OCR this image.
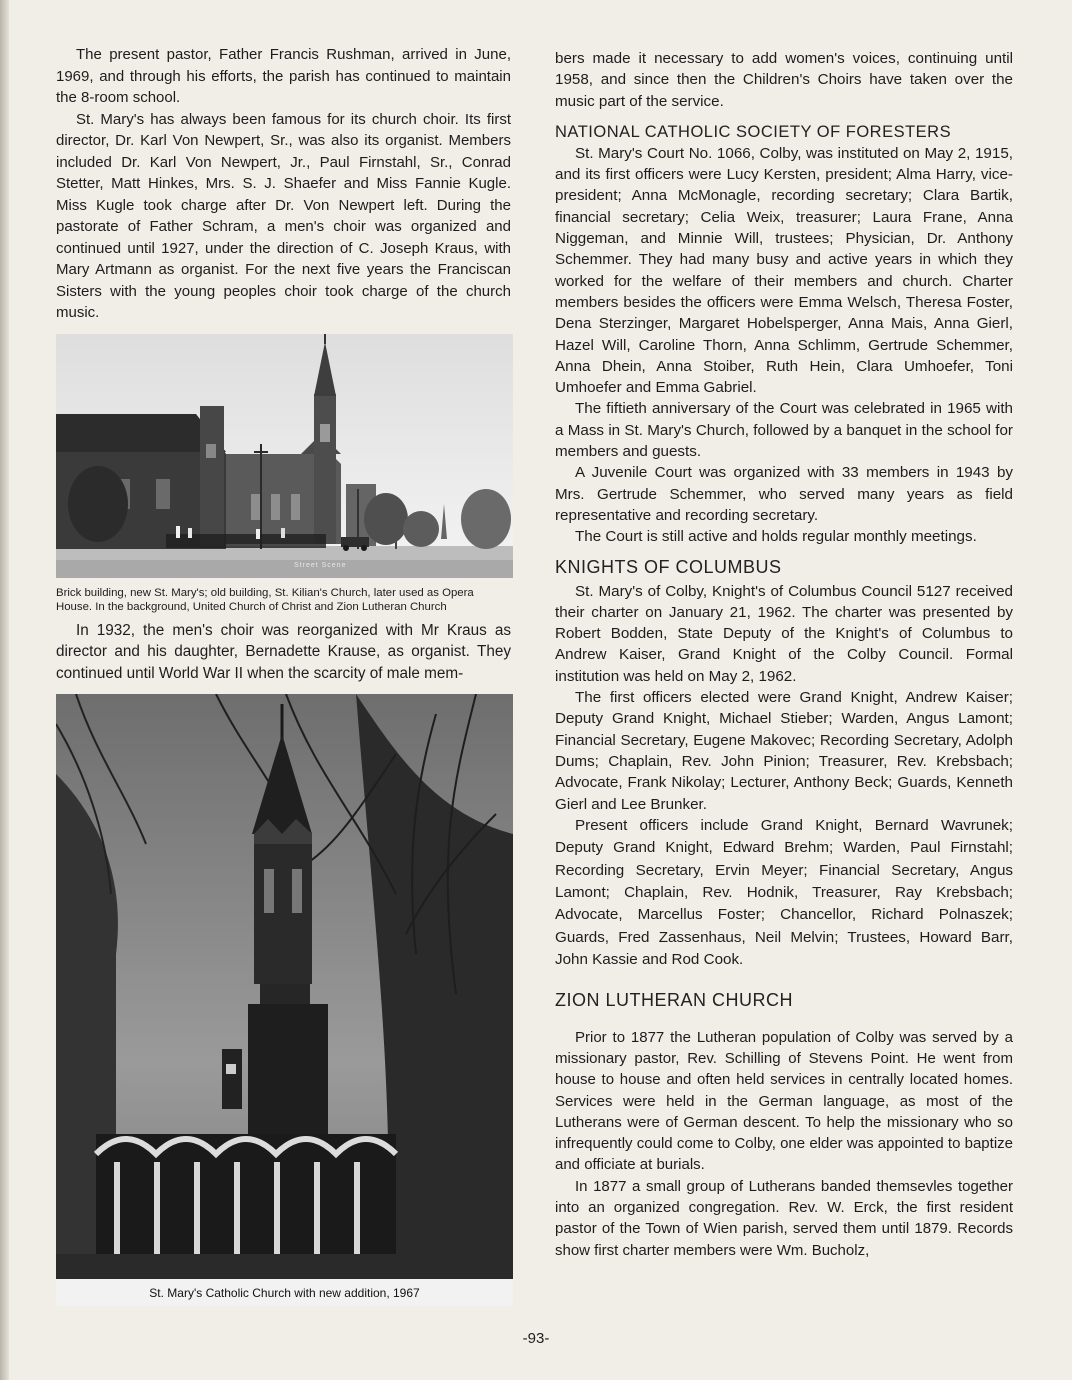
The present pastor, Father Francis Rushman, arrived in June, 1969, and through his efforts, the parish has continued to maintain the 8-room school.

St. Mary's has always been famous for its church choir. Its first director, Dr. Karl Von Newpert, Sr., was also its organist. Members included Dr. Karl Von Newpert, Jr., Paul Firnstahl, Sr., Conrad Stetter, Matt Hinkes, Mrs. S. J. Shaefer and Miss Fannie Kugle. Miss Kugle took charge after Dr. Von Newpert left. During the pastorate of Father Schram, a men's choir was organized and continued until 1927, under the direction of C. Joseph Kraus, with Mary Artmann as organist. For the next five years the Franciscan Sisters with the young peoples choir took charge of the church music.

Street Scene

Brick building, new St. Mary's; old building, St. Kilian's Church, later used as Opera House. In the background, United Church of Christ and Zion Lutheran Church

In 1932, the men's choir was reorganized with Mr Kraus as director and his daughter, Bernadette Krause, as organist. They continued until World War II when the scarcity of male mem-

St. Mary's Catholic Church with new addition, 1967

bers made it necessary to add women's voices, continuing until 1958, and since then the Children's Choirs have taken over the music part of the service.

NATIONAL CATHOLIC SOCIETY OF FORESTERS

St. Mary's Court No. 1066, Colby, was instituted on May 2, 1915, and its first officers were Lucy Kersten, president; Alma Harry, vice-president; Anna McMonagle, recording secretary; Clara Bartik, financial secretary; Celia Weix, treasurer; Laura Frane, Anna Niggeman, and Minnie Will, trustees; Physician, Dr. Anthony Schemmer. They had many busy and active years in which they worked for the welfare of their members and church. Charter members besides the officers were Emma Welsch, Theresa Foster, Dena Sterzinger, Margaret Hobelsperger, Anna Mais, Anna Gierl, Hazel Will, Caroline Thorn, Anna Schlimm, Gertrude Schemmer, Anna Dhein, Anna Stoiber, Ruth Hein, Clara Umhoefer, Toni Umhoefer and Emma Gabriel.

The fiftieth anniversary of the Court was celebrated in 1965 with a Mass in St. Mary's Church, followed by a banquet in the school for members and guests.

A Juvenile Court was organized with 33 members in 1943 by Mrs. Gertrude Schemmer, who served many years as field representative and recording secretary.

The Court is still active and holds regular monthly meetings.

KNIGHTS OF COLUMBUS

St. Mary's of Colby, Knight's of Columbus Council 5127 received their charter on January 21, 1962. The charter was presented by Robert Bodden, State Deputy of the Knight's of Columbus to Andrew Kaiser, Grand Knight of the Colby Council. Formal institution was held on May 2, 1962.

The first officers elected were Grand Knight, Andrew Kaiser; Deputy Grand Knight, Michael Stieber; Warden, Angus Lamont; Financial Secretary, Eugene Makovec; Recording Secretary, Adolph Dums; Chaplain, Rev. John Pinion; Treasurer, Rev. Krebsbach; Advocate, Frank Nikolay; Lecturer, Anthony Beck; Guards, Kenneth Gierl and Lee Brunker.

Present officers include Grand Knight, Bernard Wavrunek; Deputy Grand Knight, Edward Brehm; Warden, Paul Firnstahl; Recording Secretary, Ervin Meyer; Financial Secretary, Angus Lamont; Chaplain, Rev. Hodnik, Treasurer, Ray Krebsbach; Advocate, Marcellus Foster; Chancellor, Richard Polnaszek; Guards, Fred Zassenhaus, Neil Melvin; Trustees, Howard Barr, John Kassie and Rod Cook.

ZION LUTHERAN CHURCH

Prior to 1877 the Lutheran population of Colby was served by a missionary pastor, Rev. Schilling of Stevens Point. He went from house to house and often held services in centrally located homes. Services were held in the German language, as most of the Lutherans were of German descent. To help the missionary who so infrequently could come to Colby, one elder was appointed to baptize and officiate at burials.

In 1877 a small group of Lutherans banded themsevles together into an organized congregation. Rev. W. Erck, the first resident pastor of the Town of Wien parish, served them until 1879. Records show first charter members were Wm. Bucholz,

-93-
